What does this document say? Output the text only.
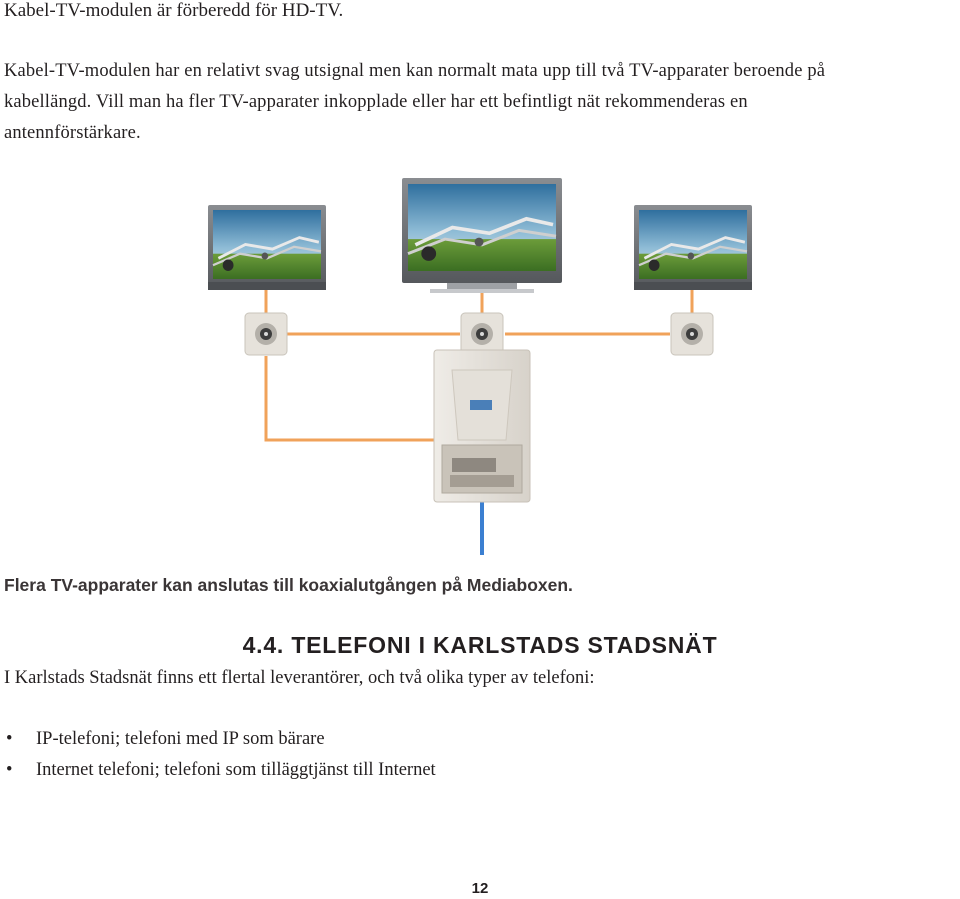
Kabel-TV-modulen är förberedd för HD-TV.
Kabel-TV-modulen har en relativt svag utsignal men kan normalt mata upp till två TV-apparater beroende på
kabellängd. Vill man ha fler TV-apparater inkopplade eller har ett befintligt nät rekommenderas en
antennförstärkare.
Flera TV-apparater kan anslutas till koaxialutgången på Mediaboxen.
4.4. TELEFONI I KARLSTADS STADSNÄT
I Karlstads Stadsnät finns ett flertal leverantörer, och två olika typer av telefoni:
• IP-telefoni; telefoni med IP som bärare
• Internet telefoni; telefoni som tilläggtjänst till Internet
12
